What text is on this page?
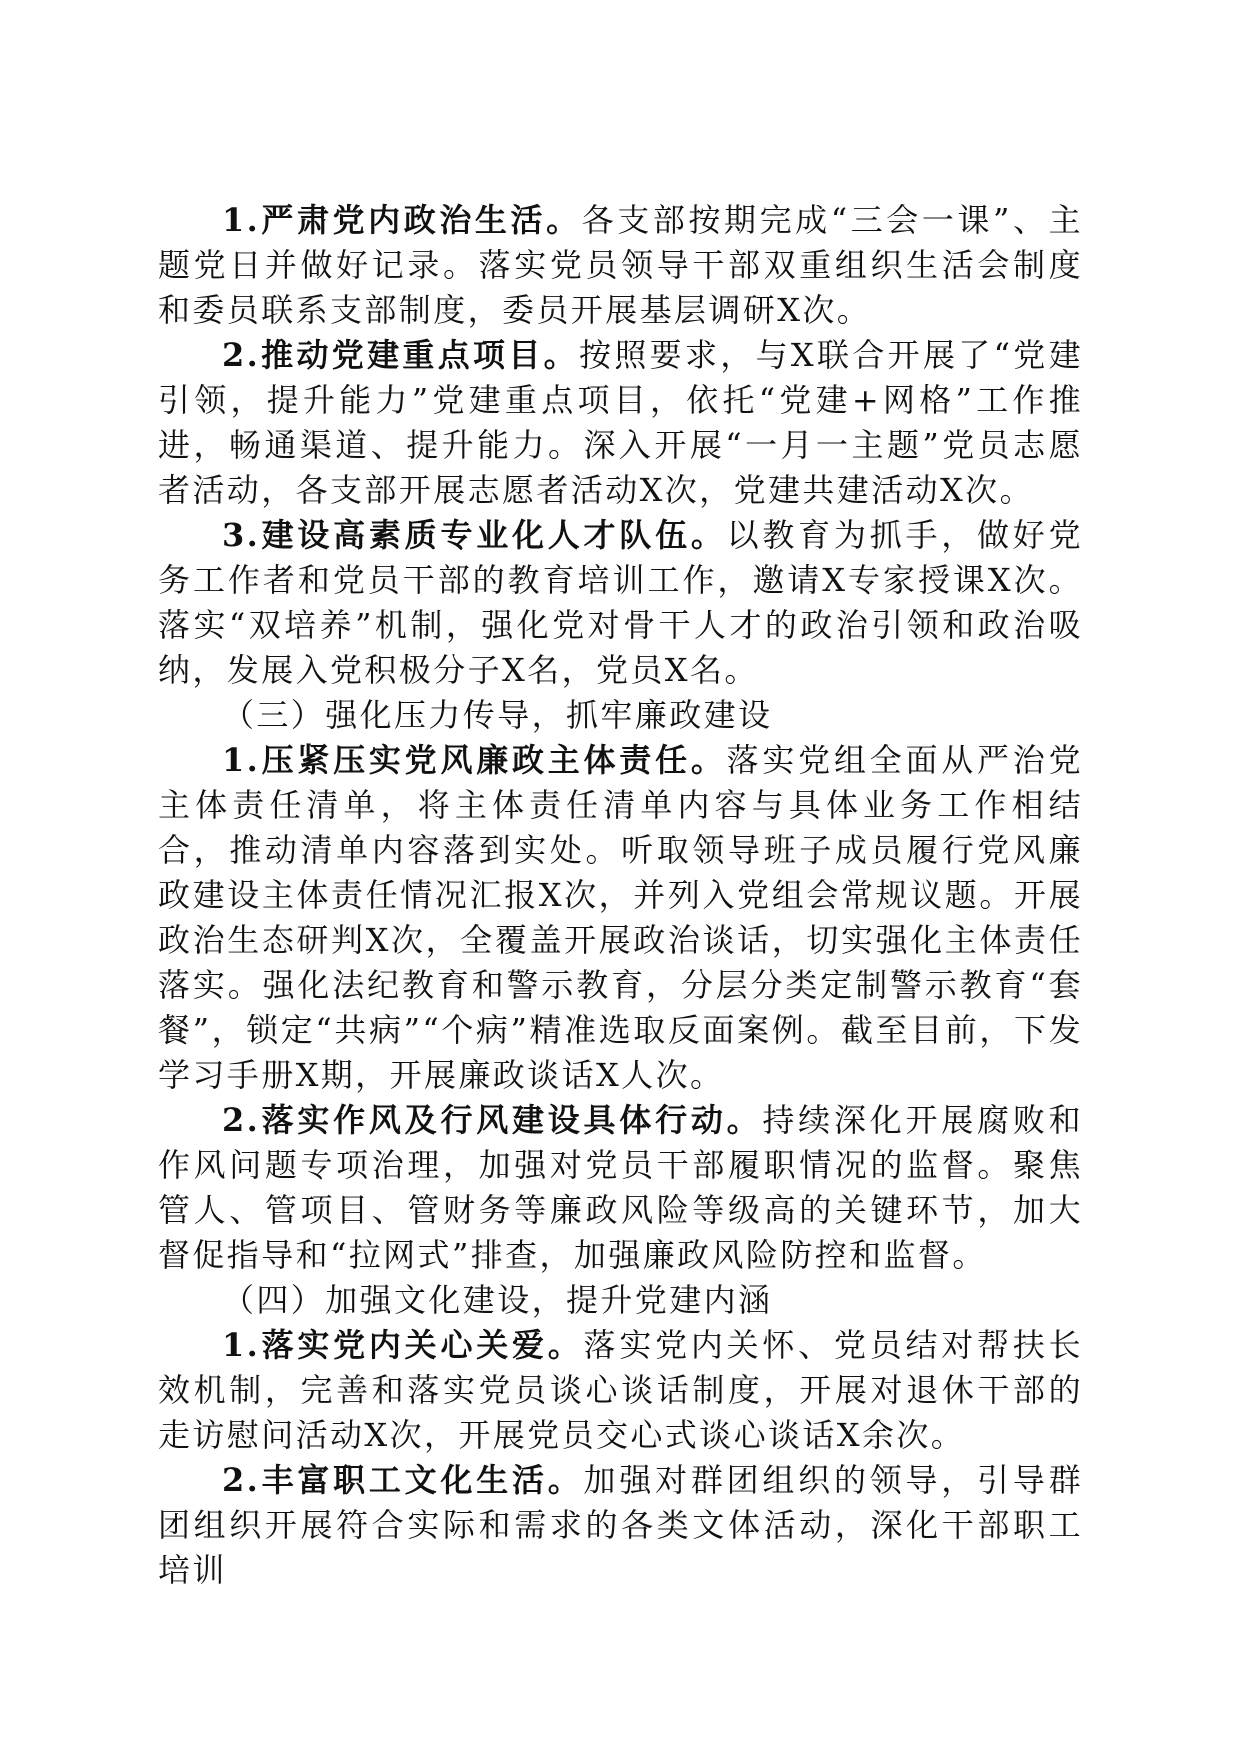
1.严肃党内政治生活。各支部按期完成“三会一课”、主题党日并做好记录。落实党员领导干部双重组织生活会制度和委员联系支部制度，委员开展基层调研X次。

2.推动党建重点项目。按照要求，与X联合开展了“党建引领，提升能力”党建重点项目，依托“党建+网格”工作推进，畅通渠道、提升能力。深入开展“一月一主题”党员志愿者活动，各支部开展志愿者活动X次，党建共建活动X次。

3.建设高素质专业化人才队伍。以教育为抓手，做好党务工作者和党员干部的教育培训工作，邀请X专家授课X次。落实“双培养”机制，强化党对骨干人才的政治引领和政治吸纳，发展入党积极分子X名，党员X名。

（三）强化压力传导，抓牢廉政建设

1.压紧压实党风廉政主体责任。落实党组全面从严治党主体责任清单，将主体责任清单内容与具体业务工作相结合，推动清单内容落到实处。听取领导班子成员履行党风廉政建设主体责任情况汇报X次，并列入党组会常规议题。开展政治生态研判X次，全覆盖开展政治谈话，切实强化主体责任落实。强化法纪教育和警示教育，分层分类定制警示教育“套餐”，锁定“共病”“个病”精准选取反面案例。截至目前，下发学习手册X期，开展廉政谈话X人次。

2.落实作风及行风建设具体行动。持续深化开展腐败和作风问题专项治理，加强对党员干部履职情况的监督。聚焦管人、管项目、管财务等廉政风险等级高的关键环节，加大督促指导和“拉网式”排查，加强廉政风险防控和监督。

（四）加强文化建设，提升党建内涵

1.落实党内关心关爱。落实党内关怀、党员结对帮扶长效机制，完善和落实党员谈心谈话制度，开展对退休干部的走访慰问活动X次，开展党员交心式谈心谈话X余次。

2.丰富职工文化生活。加强对群团组织的领导，引导群团组织开展符合实际和需求的各类文体活动，深化干部职工培训
